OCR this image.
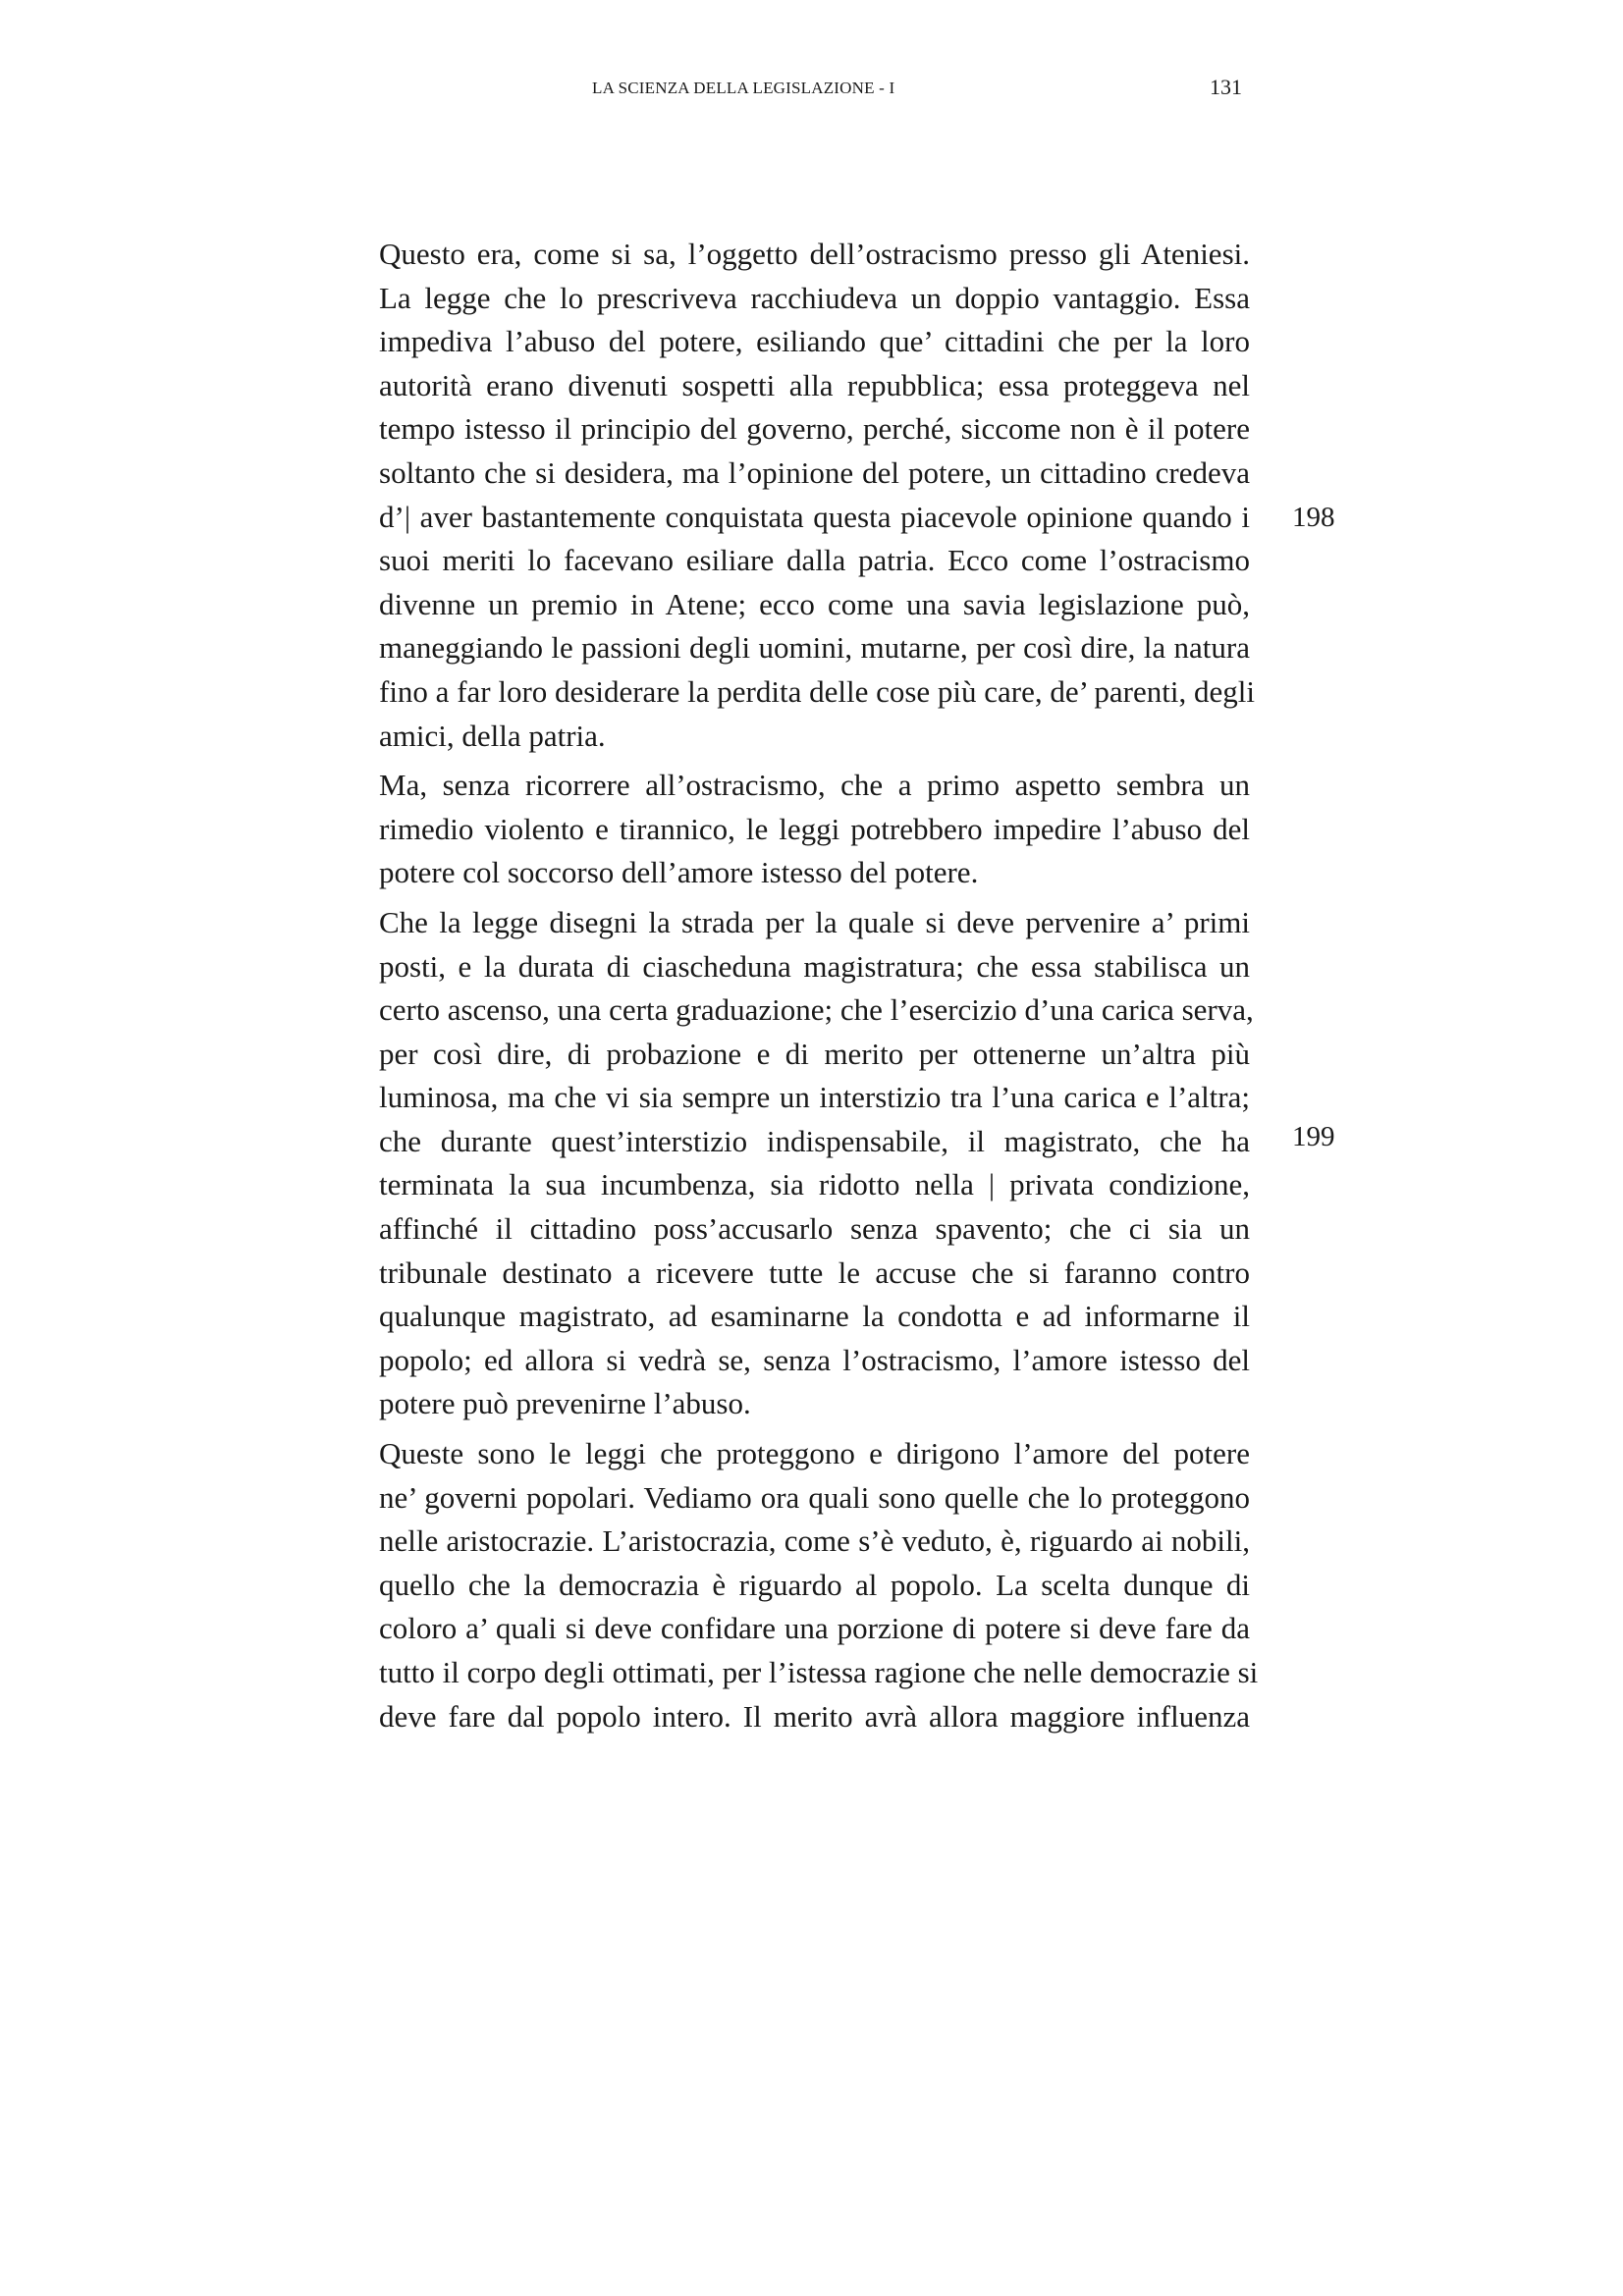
LA SCIENZA DELLA LEGISLAZIONE - I	131
Questo era, come si sa, l’oggetto dell’ostracismo presso gli Ateniesi.
La legge che lo prescriveva racchiudeva un doppio vantaggio. Essa
impediva l’abuso del potere, esiliando que’ cittadini che per la loro
autorità erano divenuti sospetti alla repubblica; essa proteggeva nel
tempo istesso il principio del governo, perché, siccome non è il potere
soltanto che si desidera, ma l’opinione del potere, un cittadino credeva
d’| aver bastantemente conquistata questa piacevole opinione quando i
suoi meriti lo facevano esiliare dalla patria. Ecco come l’ostracismo
divenne un premio in Atene; ecco come una savia legislazione può,
maneggiando le passioni degli uomini, mutarne, per così dire, la natura
fino a far loro desiderare la perdita delle cose più care, de’ parenti, degli
amici, della patria.
Ma, senza ricorrere all’ostracismo, che a primo aspetto sembra un
rimedio violento e tirannico, le leggi potrebbero impedire l’abuso del
potere col soccorso dell’amore istesso del potere.
Che la legge disegni la strada per la quale si deve pervenire a’ primi
posti, e la durata di ciascheduna magistratura; che essa stabilisca un
certo ascenso, una certa graduazione; che l’esercizio d’una carica serva,
per così dire, di probazione e di merito per ottenerne un’altra più
luminosa, ma che vi sia sempre un interstizio tra l’una carica e l’altra;
che durante quest’interstizio indispensabile, il magistrato, che ha
terminata la sua incumbenza, sia ridotto nella | privata condizione,
affinché il cittadino poss’accusarlo senza spavento; che ci sia un
tribunale destinato a ricevere tutte le accuse che si faranno contro
qualunque magistrato, ad esaminarne la condotta e ad informarne il
popolo; ed allora si vedrà se, senza l’ostracismo, l’amore istesso del
potere può prevenirne l’abuso.
Queste sono le leggi che proteggono e dirigono l’amore del potere
ne’ governi popolari. Vediamo ora quali sono quelle che lo proteggono
nelle aristocrazie. L’aristocrazia, come s’è veduto, è, riguardo ai nobili,
quello che la democrazia è riguardo al popolo. La scelta dunque di
coloro a’ quali si deve confidare una porzione di potere si deve fare da
tutto il corpo degli ottimati, per l’istessa ragione che nelle democrazie si
deve fare dal popolo intero. Il merito avrà allora maggiore influenza
198
199
